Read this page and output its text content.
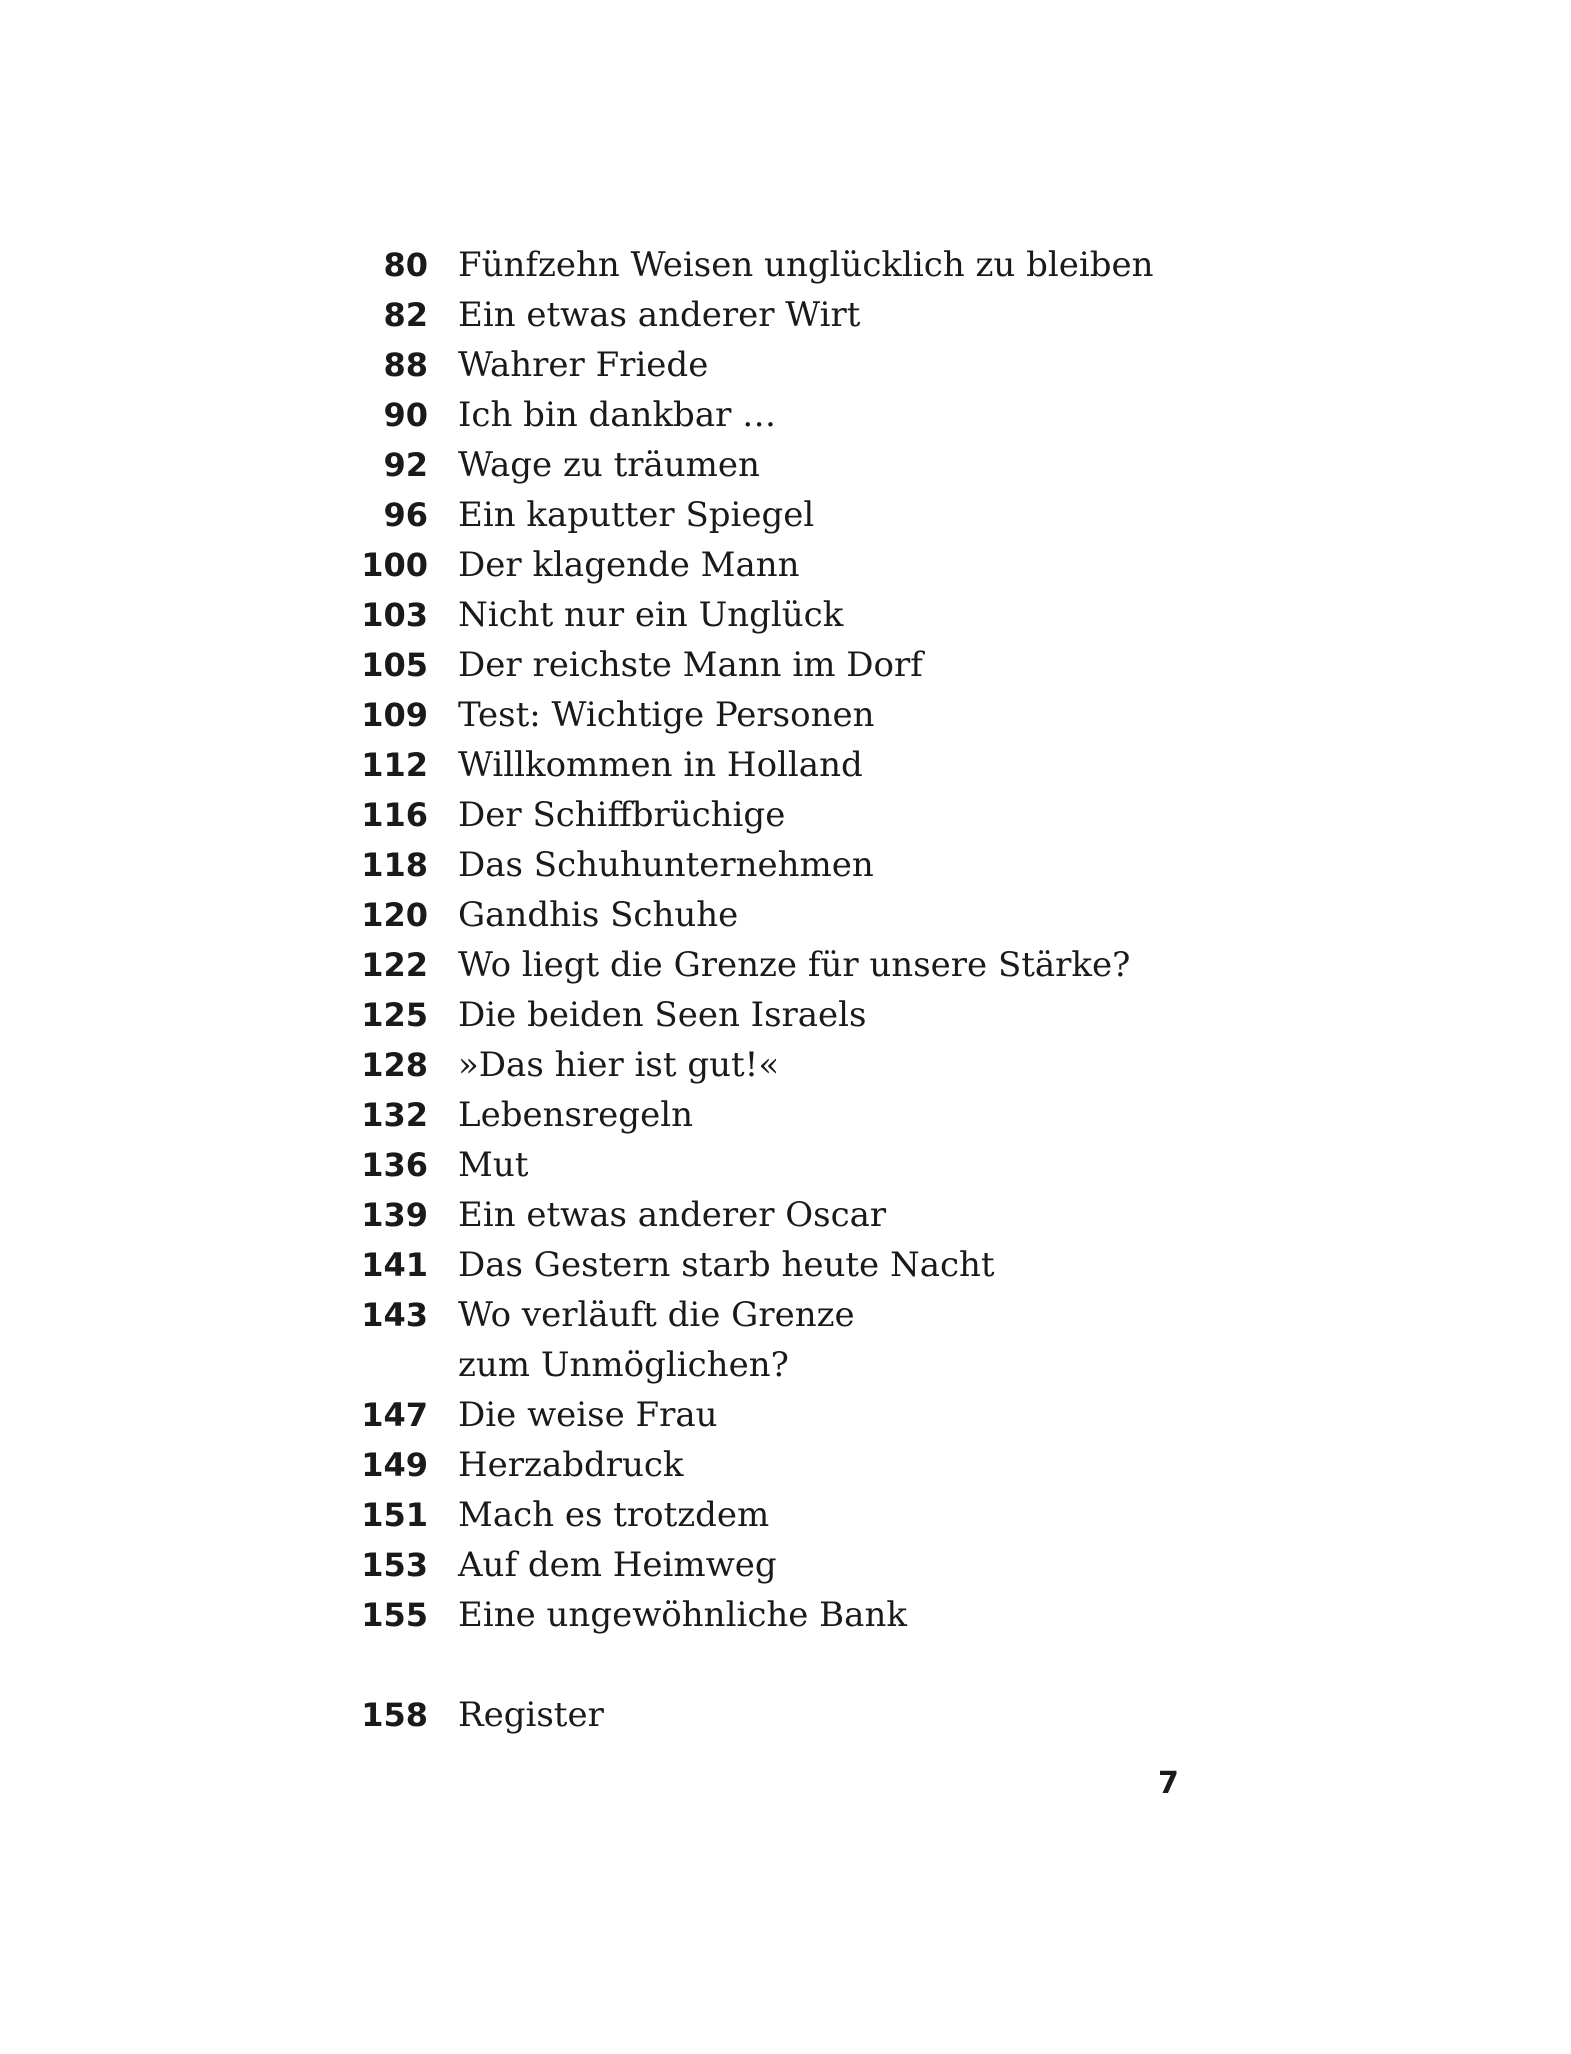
80 Fünfzehn Weisen unglücklich zu bleiben
82 Ein etwas anderer Wirt
88 Wahrer Friede
90 Ich bin dankbar …
92 Wage zu träumen
96 Ein kaputter Spiegel
100 Der klagende Mann
103 Nicht nur ein Unglück
105 Der reichste Mann im Dorf
109 Test: Wichtige Personen
112 Willkommen in Holland
116 Der Schiffbrüchige
118 Das Schuhunternehmen
120 Gandhis Schuhe
122 Wo liegt die Grenze für unsere Stärke?
125 Die beiden Seen Israels
128 »Das hier ist gut!«
132 Lebensregeln
136 Mut
139 Ein etwas anderer Oscar
141 Das Gestern starb heute Nacht
143 Wo verläuft die Grenze
zum Unmöglichen?
147 Die weise Frau
149 Herzabdruck
151 Mach es trotzdem
153 Auf dem Heimweg
155 Eine ungewöhnliche Bank
158 Register
7
